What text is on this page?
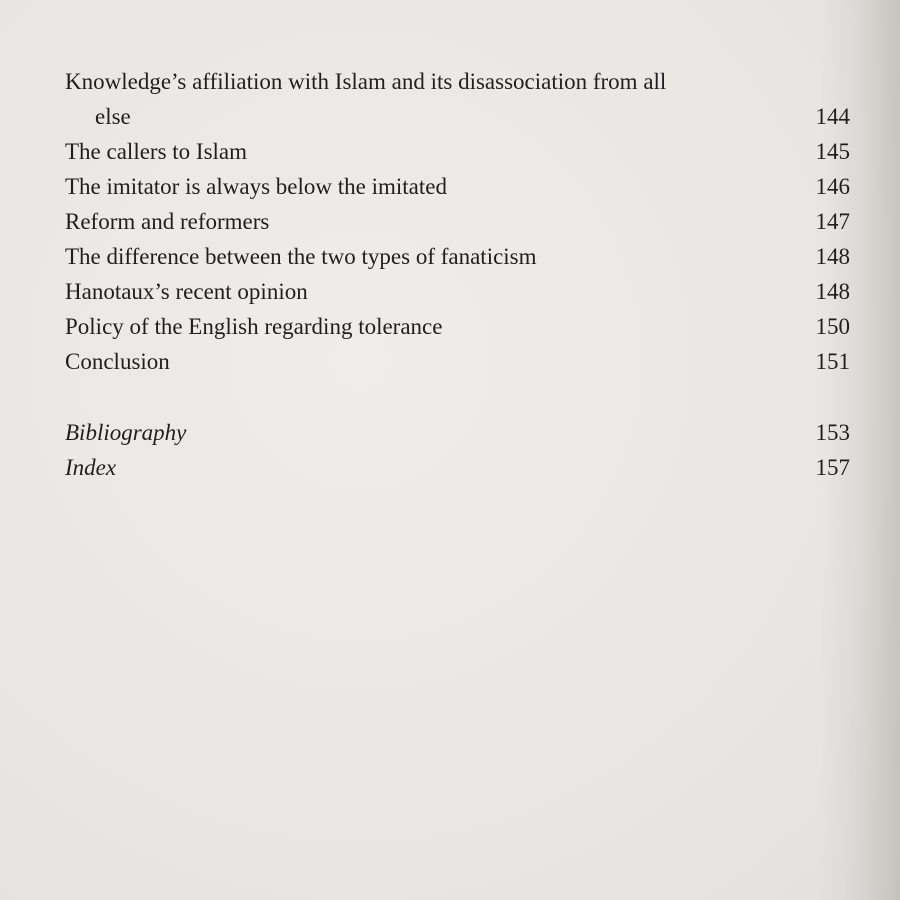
Knowledge’s affiliation with Islam and its disassociation from all
else	144
The callers to Islam	145
The imitator is always below the imitated	146
Reform and reformers	147
The difference between the two types of fanaticism	148
Hanotaux’s recent opinion	148
Policy of the English regarding tolerance	150
Conclusion	151
Bibliography	153
Index	157
